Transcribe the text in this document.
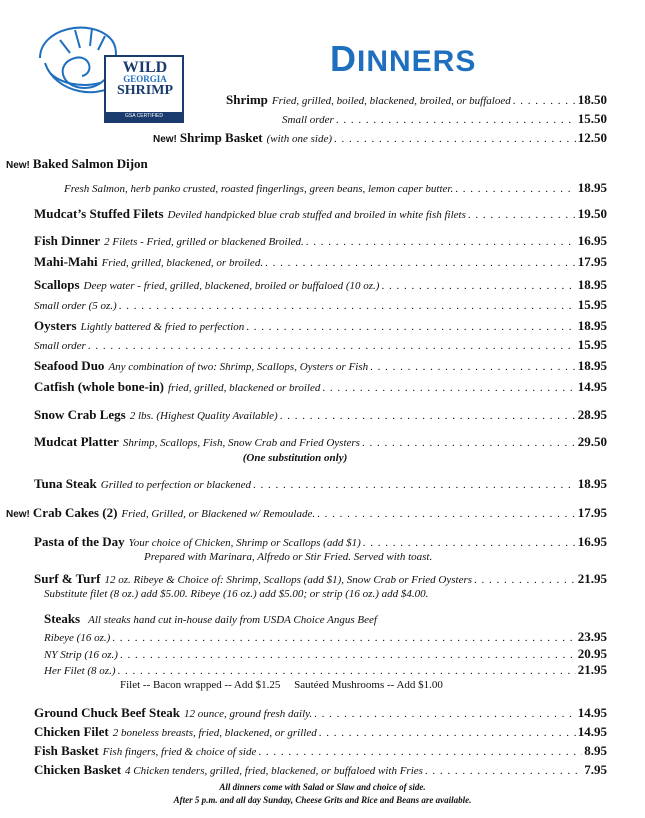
WILD
GEORGIA
SHRIMP
GSA CERTIFIED
DINNERS
Shrimp Fried, grilled, boiled, blackened, broiled, or buffaloed . . .	18.50
Small order . . .	15.50
New! Shrimp Basket (with one side) . . .	12.50
New! Baked Salmon Dijon
Fresh Salmon, herb panko crusted, roasted fingerlings, green beans, lemon caper butter. . . .	18.95
Mudcat’s Stuffed Filets Deviled handpicked blue crab stuffed and broiled in white fish filets . . .	19.50
Fish Dinner 2 Filets - Fried, grilled or blackened Broiled. . . .	16.95
Mahi-Mahi Fried, grilled, blackened, or broiled. . . .	17.95
Scallops Deep water - fried, grilled, blackened, broiled or buffaloed (10 oz.) . . .	18.95
Small order (5 oz.) . . .	15.95
Oysters Lightly battered & fried to perfection . . .	18.95
Small order . . .	15.95
Seafood Duo Any combination of two: Shrimp, Scallops, Oysters or Fish . . .	18.95
Catfish (whole bone-in) fried, grilled, blackened or broiled . . .	14.95
Snow Crab Legs 2 lbs. (Highest Quality Available) . . .	28.95
Mudcat Platter Shrimp, Scallops, Fish, Snow Crab and Fried Oysters . . .	29.50
(One substitution only)
Tuna Steak Grilled to perfection or blackened . . .	18.95
New! Crab Cakes (2) Fried, Grilled, or Blackened w/ Remoulade. . . .	17.95
Pasta of the Day Your choice of Chicken, Shrimp or Scallops (add $1) . . .	16.95
Prepared with Marinara, Alfredo or Stir Fried. Served with toast.
Surf & Turf 12 oz. Ribeye & Choice of: Shrimp, Scallops (add $1), Snow Crab or Fried Oysters . . .	21.95
Substitute filet (8 oz.) add $5.00. Ribeye (16 oz.) add $5.00; or strip (16 oz.) add $4.00.
Steaks All steaks hand cut in-house daily from USDA Choice Angus Beef
Ribeye (16 oz.) . . .	23.95
NY Strip (16 oz.) . . .	20.95
Her Filet (8 oz.) . . .	21.95
Filet -- Bacon wrapped -- Add $1.25     Sautéed Mushrooms -- Add $1.00
Ground Chuck Beef Steak 12 ounce, ground fresh daily. . . .	14.95
Chicken Filet 2 boneless breasts, fried, blackened, or grilled . . .	14.95
Fish Basket Fish fingers, fried & choice of side . . .	8.95
Chicken Basket 4 Chicken tenders, grilled, fried, blackened, or buffaloed with Fries . . .	7.95
All dinners come with Salad or Slaw and choice of side.
After 5 p.m. and all day Sunday, Cheese Grits and Rice and Beans are available.
